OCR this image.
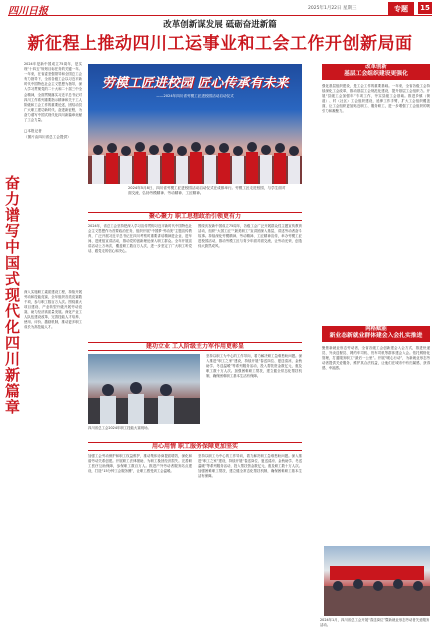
四川日报	2025年1月22日 星期三	专题	15
改革创新谋发展 砥砺奋进新篇
新征程上推动四川工运事业和工会工作开创新局面
奋力谱写中国式现代化四川新篇章
2024年是新中国成立75周年，是实现“十四五”规划目标任务的关键一年。一年来，在省委坚强领导和全国总工会有力指导下，全省各级工会以习近平新时代中国特色社会主义思想为指导，深入学习贯彻党的二十大和二十届三中全会精神，全面贯彻落实习近平总书记对四川工作系列重要指示精神和关于工人阶级和工会工作的重要论述，团结动员广大职工建功新时代、奋进新征程，为奋力谱写中国式现代化四川新篇章贡献了工会力量。
□本报记者
（图片由四川省总工会提供）
劳模工匠进校园 匠心传承有未来
——2024年四川省劳模工匠进校园活动启动仪式
2024年5月8日，四川省劳模工匠进校园活动启动仪式在成都举行。劳模工匠走进校园，与学生面对面交流，弘扬劳模精神、劳动精神、工匠精神。
聚心聚力 职工思想政治引领更有力
2024年，省总工会坚持把深入学习宣传贯彻习近平新时代中国特色社会主义思想作为首要政治任务，组织开展“中国梦·劳动美”主题宣传教育，广泛开展习近平总书记在四川考察时重要讲话精神进企业、进车间、进班组宣讲活动，推动党的创新理论深入职工群众。全年开展宣讲活动上万场次，覆盖职工数百万人次，进一步坚定了广大职工听党话、跟党走的信心和决心。
围绕庆祝新中国成立75周年，各级工会广泛开展群众性主题宣传教育活动，组织“大国工匠”“最美职工”宣讲团深入基层，讲述劳动者奋斗故事。持续深化劳模精神、劳动精神、工匠精神宣传，举办劳模工匠进校园活动，推动劳模工匠与青少年面对面交流，让劳动光荣、创造伟大蔚然成风。
深入实施职工素质建设工程，持续开展劳动和技能竞赛，全年组织各类竞赛数千项，参与职工数百万人次。围绕重大项目建设、产业转型升级开展劳动竞赛，助力经济高质量发展。深化产业工人队伍建设改革，完善技能人才培养、使用、评价、激励机制，推动更多职工成长为高技能人才。
建功立业 工人阶级主力军作用更彰显
四川省总工会2024年职工技能大赛现场。
坚持以职工为中心的工作导向，着力解决职工急难愁盼问题。深入推进“职工之家”建设，持续开展“春送岗位、夏送清凉、金秋助学、冬送温暖”等系列服务活动，投入帮扶资金数亿元，惠及职工数十万人次。加强困难职工帮扶，建立健全常态化帮扶机制，确保困难职工基本生活有保障。
用心用情 职工服务保障更加坚实
加强工会劳动保护和职工权益维护，推动集体协商提质增效，深化和谐劳动关系创建。开展职工法律援助，为职工挽回经济损失。完善职工医疗互助保障，参保职工数百万人。推进户外劳动者服务站点建设，打造“15分钟工会服务圈”，让职工感受到工会温暖。
坚持以职工为中心的工作导向，着力解决职工急难愁盼问题。深入推进“职工之家”建设，持续开展“春送岗位、夏送清凉、金秋助学、冬送温暖”等系列服务活动，投入帮扶资金数亿元，惠及职工数十万人次。加强困难职工帮扶，建立健全常态化帮扶机制，确保困难职工基本生活有保障。
改革创新
基层工会组织建设更强化
强化基层组织建设，是工会工作的重要基础。一年来，全省各级工会持续深化工会改革，推动基层工会规范化建设，提升基层工会组织力。开展“县级工会加强年”专项工作，夯实县级工会基础。推进乡镇（街道）、村（社区）工会组织建设，延伸工作手臂，扩大工会组织覆盖面，让工会组织更加贴近职工、服务职工，进一步增强了工会组织的吸引力和凝聚力。
网格赋能
新业态新就业群体建会入会扎实推进
聚焦新就业形态劳动者，全省各级工会创新建会入会方式，推进快递员、外卖送餐员、网约车司机、货车司机等群体建会入会。依托网格化管理，打通服务职工“最后一公里”。开展“暖心行动”，为新就业形态劳动者提供关爱服务，维护其合法权益，让他们在城市中有归属感、获得感、幸福感。
2024年1月，四川省总工会开展“春送岗位”暨新就业形态劳动者关爱服务活动。
